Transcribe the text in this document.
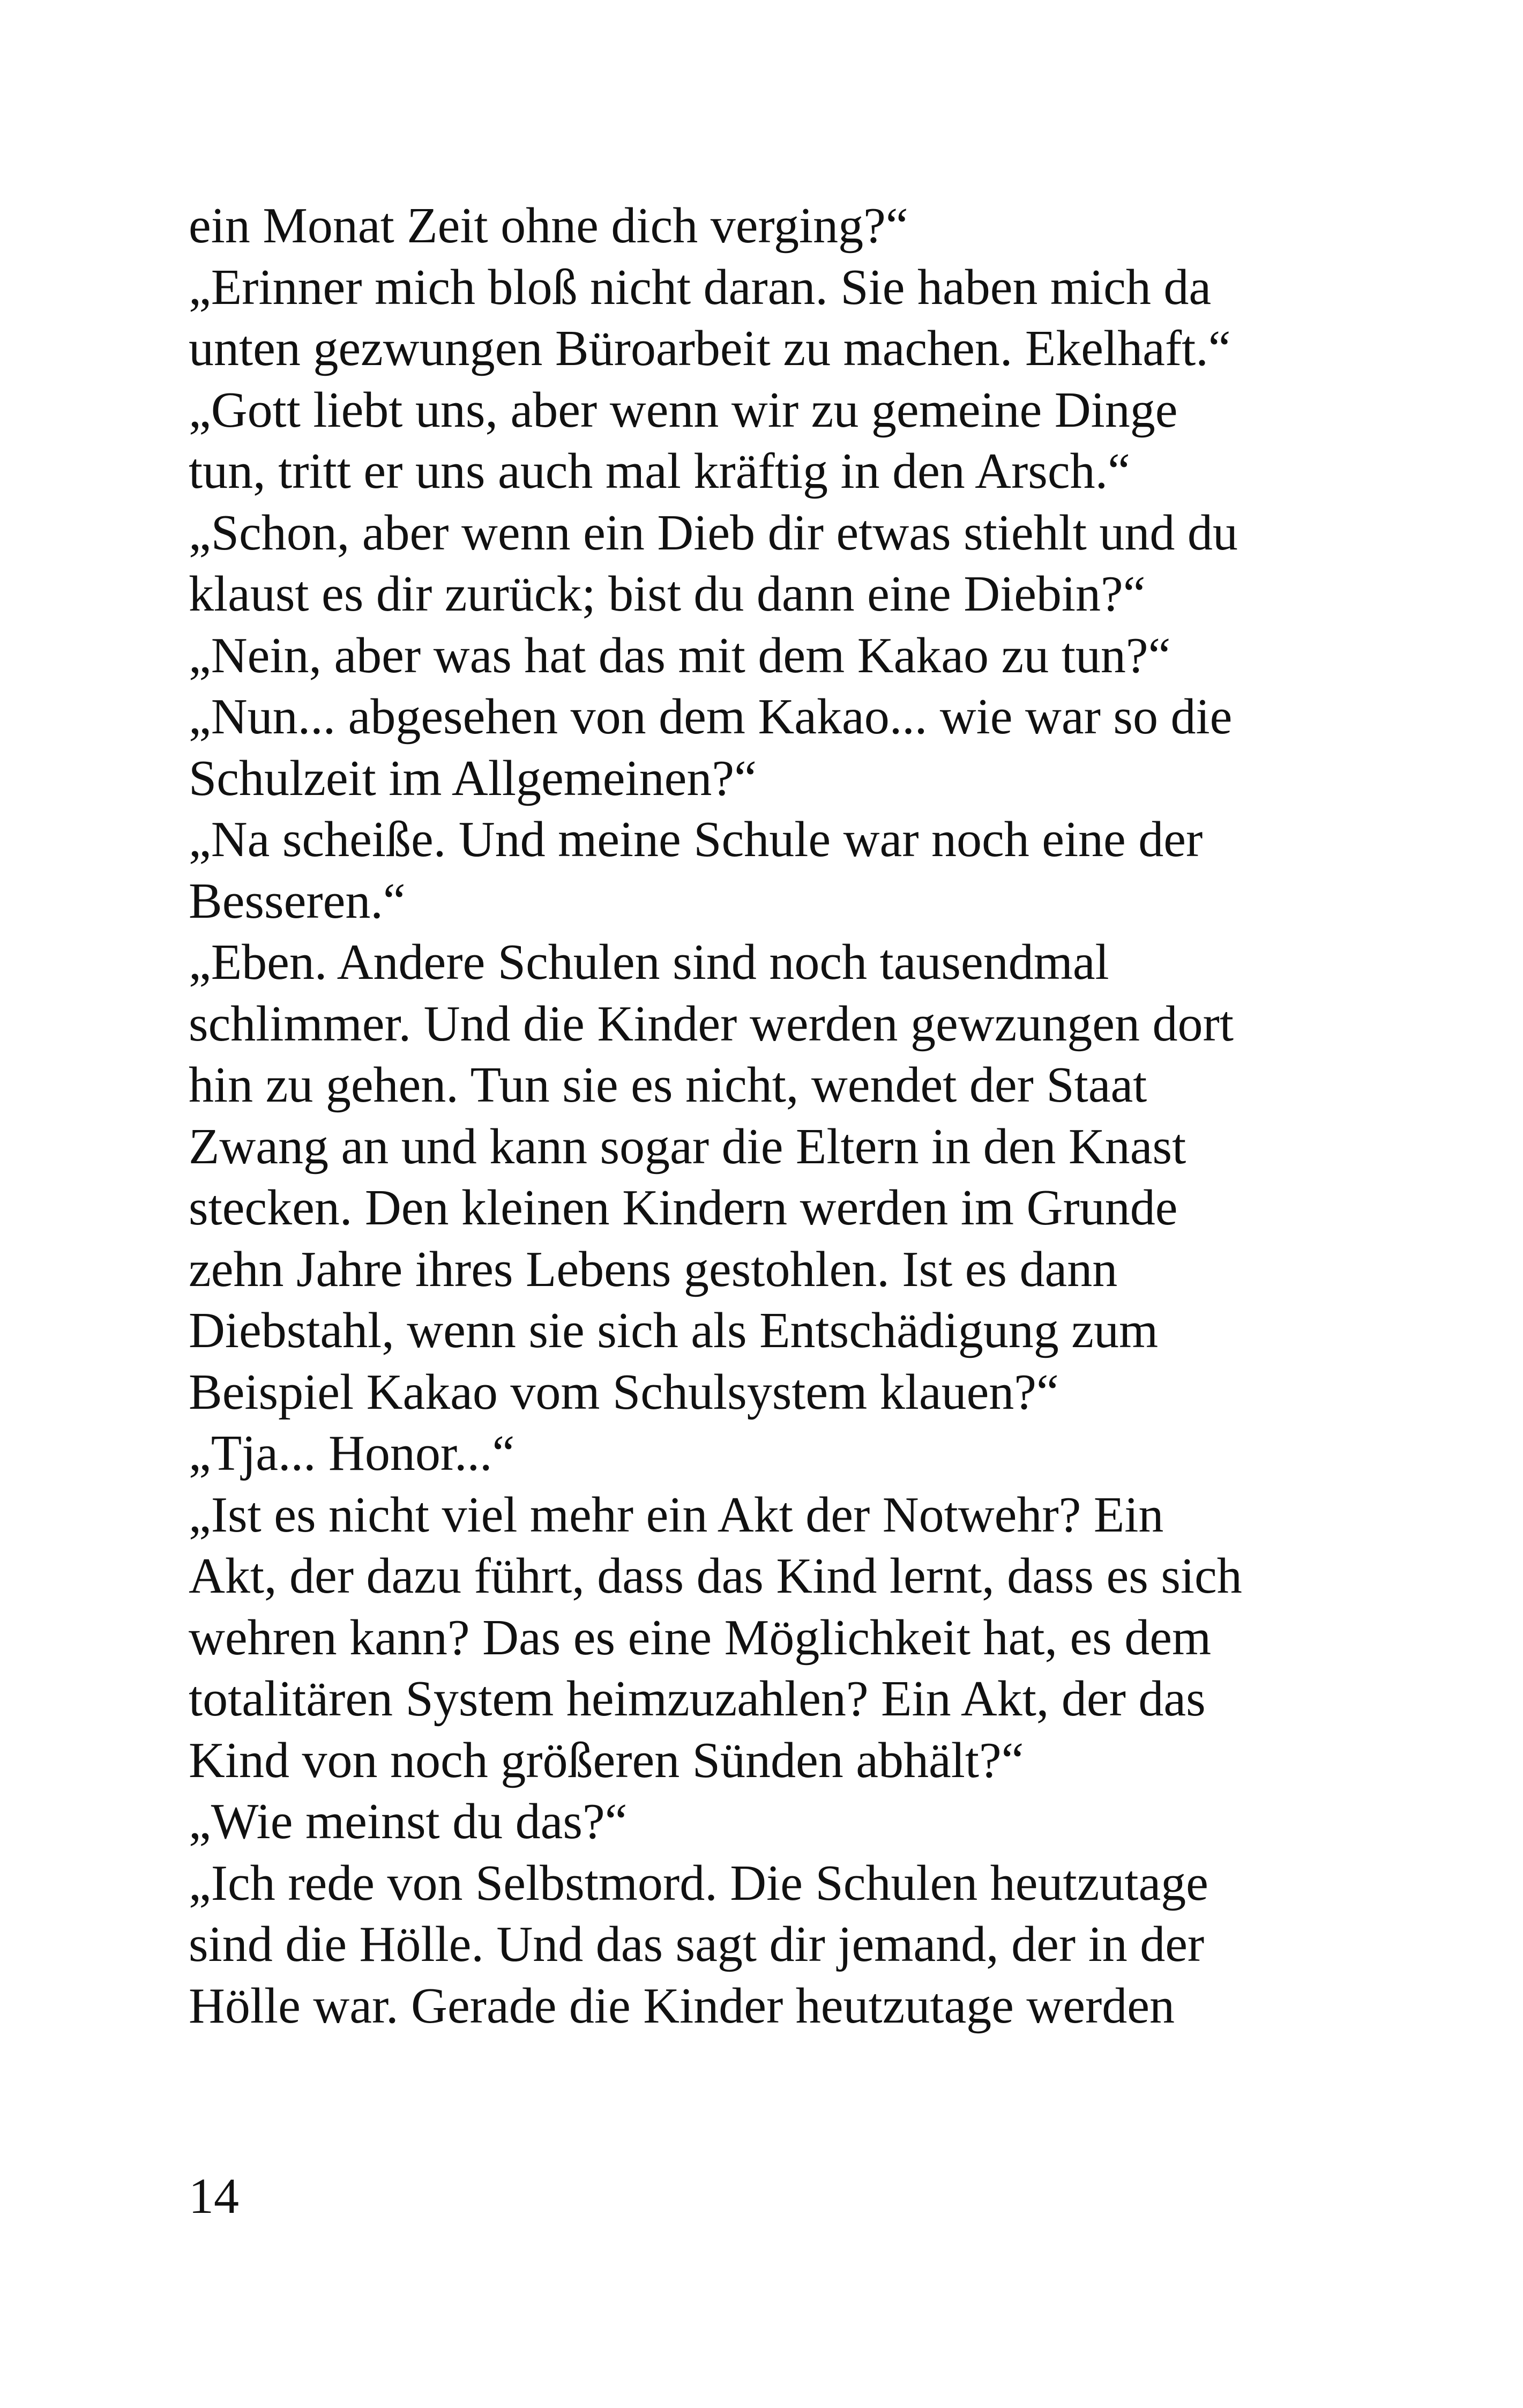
ein Monat Zeit ohne dich verging?“
„Erinner mich bloß nicht daran. Sie haben mich da
unten gezwungen Büroarbeit zu machen. Ekelhaft.“
„Gott liebt uns, aber wenn wir zu gemeine Dinge
tun, tritt er uns auch mal kräftig in den Arsch.“
„Schon, aber wenn ein Dieb dir etwas stiehlt und du
klaust es dir zurück; bist du dann eine Diebin?“
„Nein, aber was hat das mit dem Kakao zu tun?“
„Nun... abgesehen von dem Kakao... wie war so die
Schulzeit im Allgemeinen?“
„Na scheiße. Und meine Schule war noch eine der
Besseren.“
„Eben. Andere Schulen sind noch tausendmal
schlimmer. Und die Kinder werden gewzungen dort
hin zu gehen. Tun sie es nicht, wendet der Staat
Zwang an und kann sogar die Eltern in den Knast
stecken. Den kleinen Kindern werden im Grunde
zehn Jahre ihres Lebens gestohlen. Ist es dann
Diebstahl, wenn sie sich als Entschädigung zum
Beispiel Kakao vom Schulsystem klauen?“
„Tja... Honor...“
„Ist es nicht viel mehr ein Akt der Notwehr? Ein
Akt, der dazu führt, dass das Kind lernt, dass es sich
wehren kann? Das es eine Möglichkeit hat, es dem
totalitären System heimzuzahlen? Ein Akt, der das
Kind von noch größeren Sünden abhält?“
„Wie meinst du das?“
„Ich rede von Selbstmord. Die Schulen heutzutage
sind die Hölle. Und das sagt dir jemand, der in der
Hölle war. Gerade die Kinder heutzutage werden
14
